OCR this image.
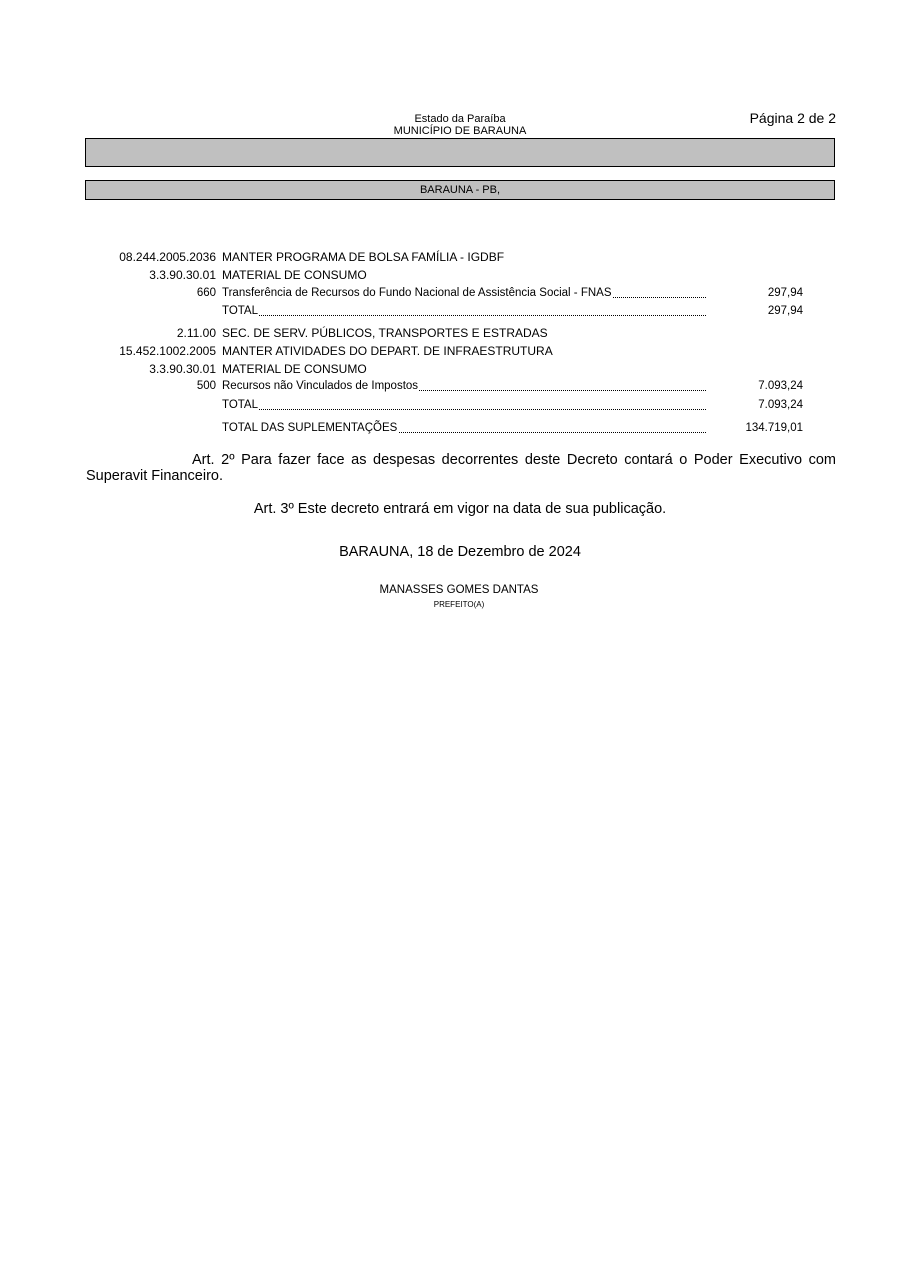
Estado da Paraíba
MUNICÍPIO DE BARAUNA
Página 2 de 2
BARAUNA - PB,
08.244.2005.2036 MANTER PROGRAMA DE BOLSA FAMÍLIA - IGDBF
3.3.90.30.01 MATERIAL DE CONSUMO
660 Transferência de Recursos do Fundo Nacional de Assistência Social - FNAS	297,94
TOTAL	297,94
2.11.00 SEC. DE SERV. PÚBLICOS, TRANSPORTES E ESTRADAS
15.452.1002.2005 MANTER ATIVIDADES DO DEPART. DE INFRAESTRUTURA
3.3.90.30.01 MATERIAL DE CONSUMO
500 Recursos não Vinculados de Impostos	7.093,24
TOTAL	7.093,24
TOTAL DAS SUPLEMENTAÇÕES	134.719,01
Art. 2º Para fazer face as despesas decorrentes deste Decreto contará o Poder Executivo com Superavit Financeiro.
Art. 3º Este decreto entrará em vigor na data de sua publicação.
BARAUNA, 18 de Dezembro de 2024
MANASSES GOMES DANTAS
PREFEITO(A)
